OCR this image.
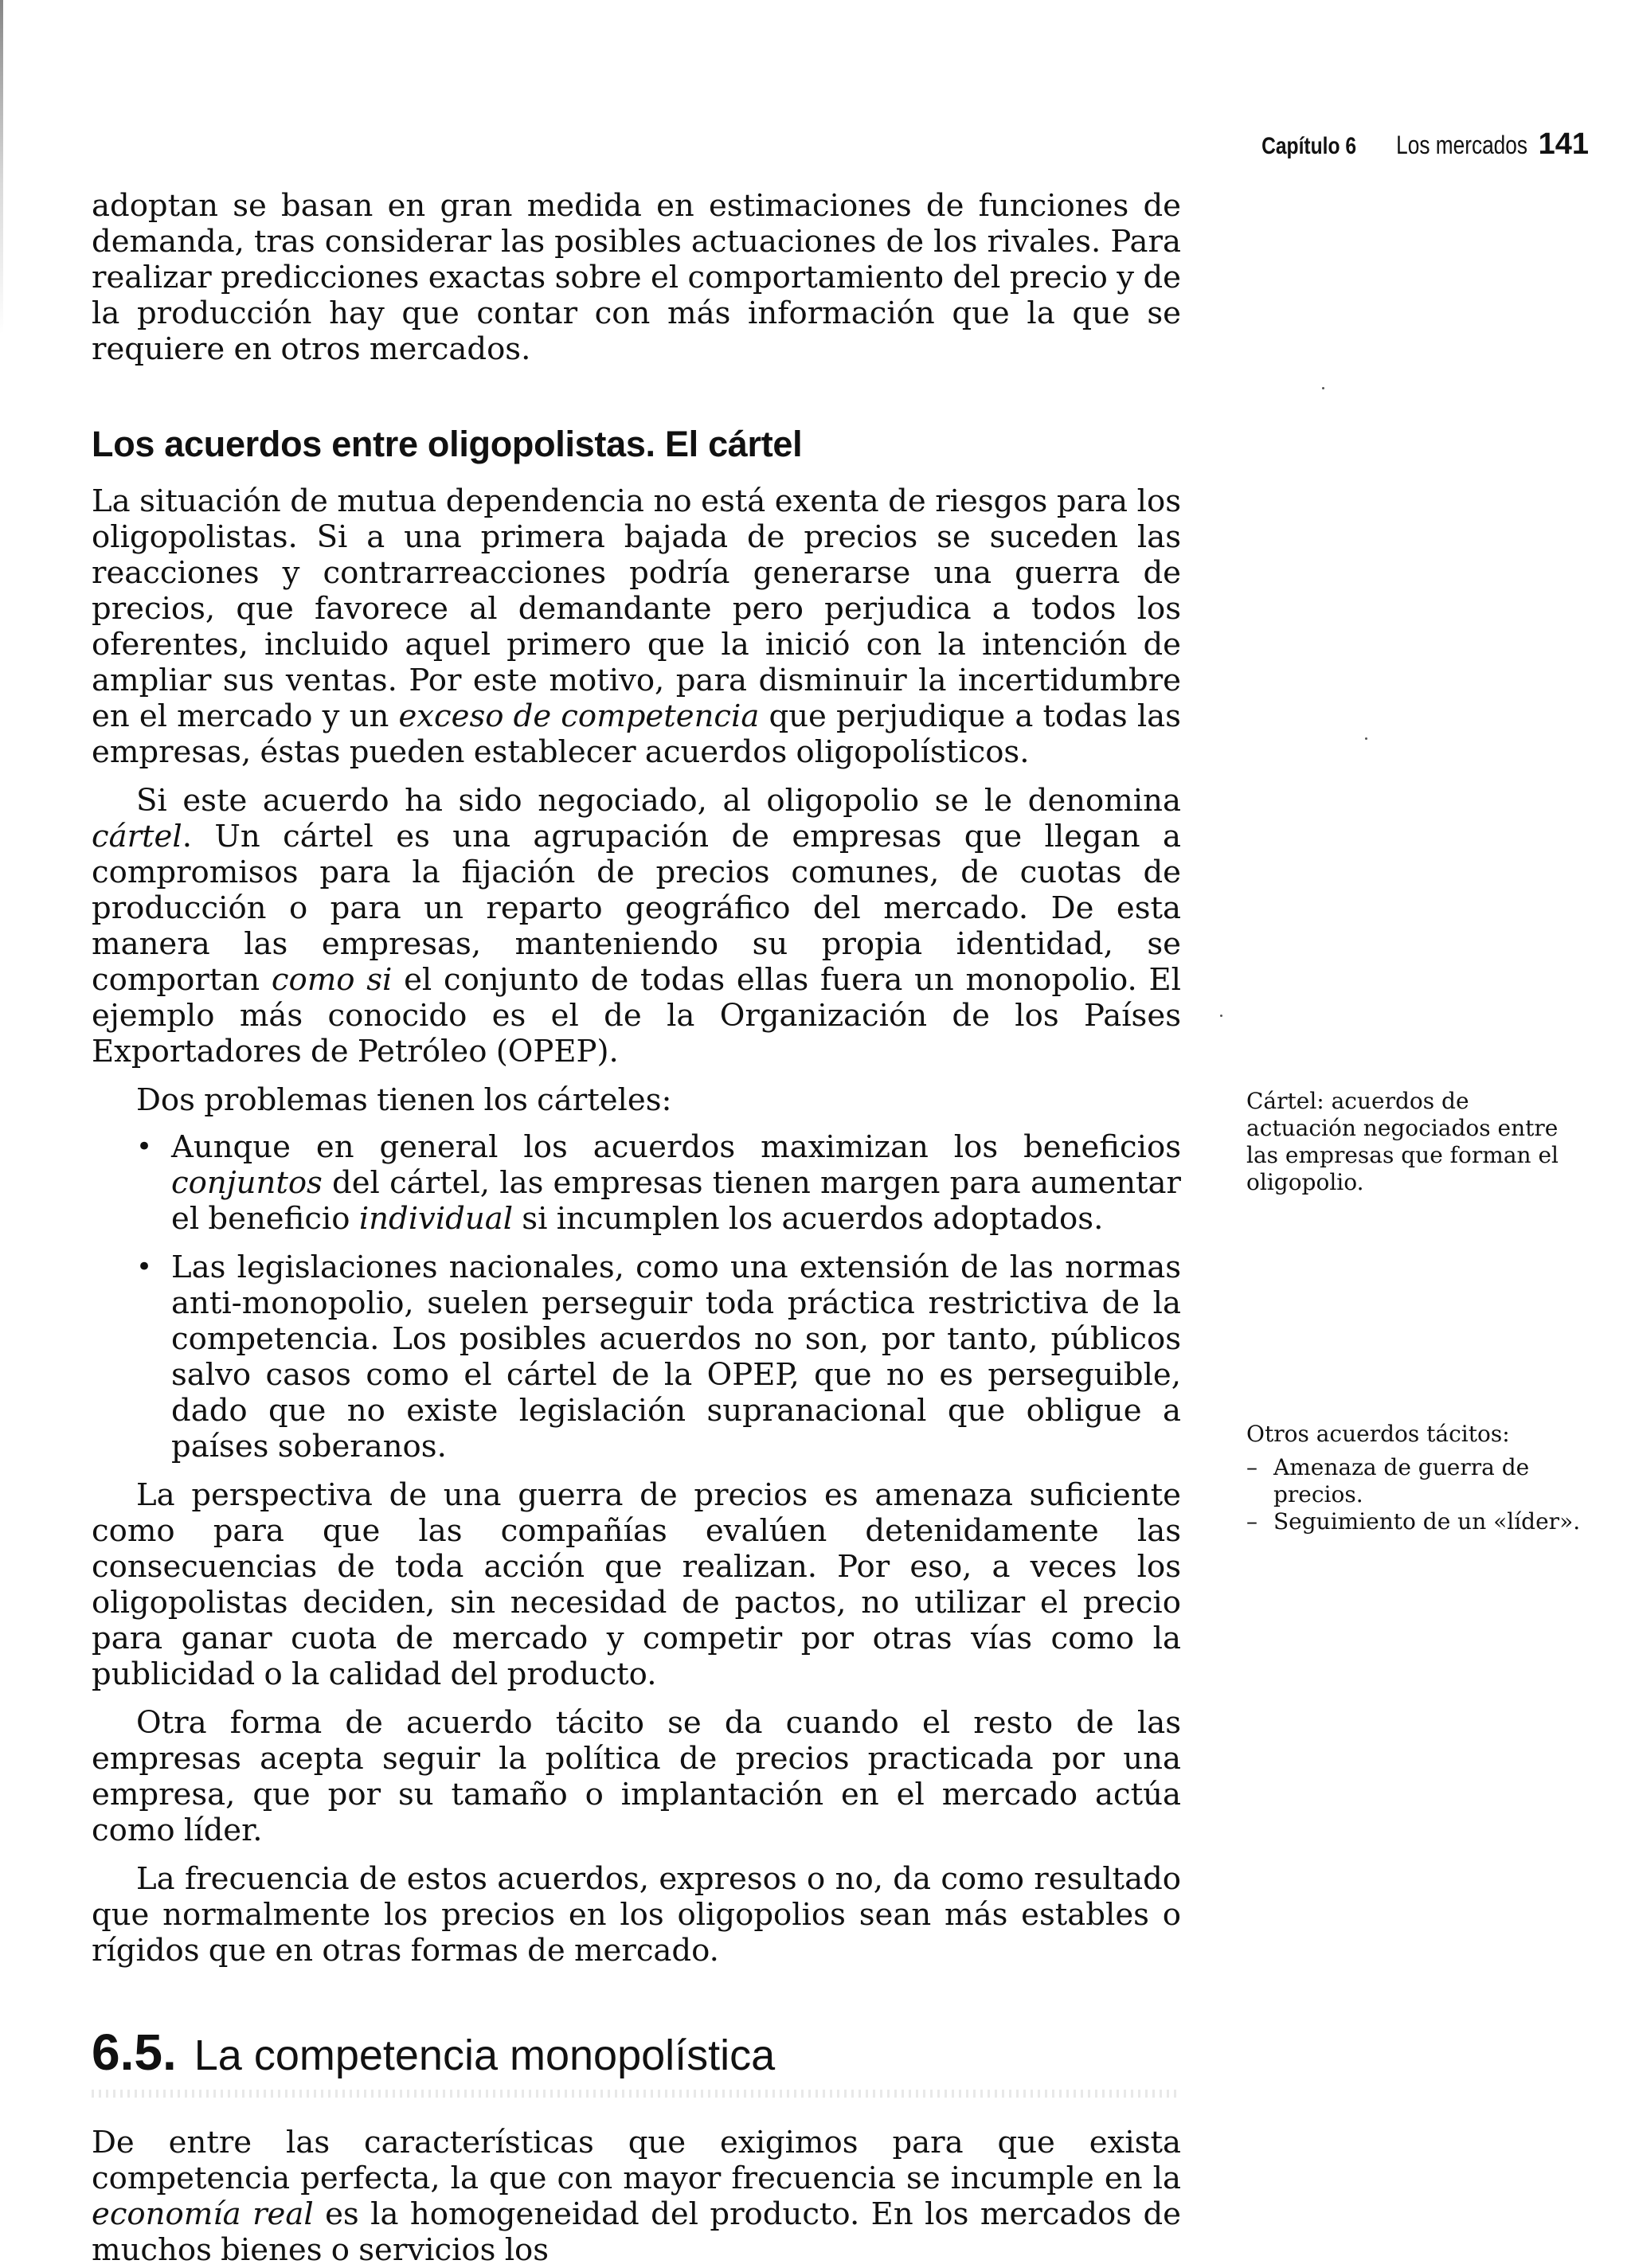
Capítulo 6 Los mercados 141

adoptan se basan en gran medida en estimaciones de funciones de demanda, tras considerar las posibles actuaciones de los rivales. Para realizar predicciones exactas sobre el comportamiento del precio y de la producción hay que contar con más información que la que se requiere en otros mercados.

Los acuerdos entre oligopolistas. El cártel

La situación de mutua dependencia no está exenta de riesgos para los oligopolistas. Si a una primera bajada de precios se suceden las reacciones y contrarreacciones podría generarse una guerra de precios, que favorece al demandante pero perjudica a todos los oferentes, incluido aquel primero que la inició con la intención de ampliar sus ventas. Por este motivo, para disminuir la incertidumbre en el mercado y un exceso de competencia que perjudique a todas las empresas, éstas pueden establecer acuerdos oligopolísticos.

Si este acuerdo ha sido negociado, al oligopolio se le denomina cártel. Un cártel es una agrupación de empresas que llegan a compromisos para la fijación de precios comunes, de cuotas de producción o para un reparto geográfico del mercado. De esta manera las empresas, manteniendo su propia identidad, se comportan como si el conjunto de todas ellas fuera un monopolio. El ejemplo más conocido es el de la Organización de los Países Exportadores de Petróleo (OPEP).

Dos problemas tienen los cárteles:

• Aunque en general los acuerdos maximizan los beneficios conjuntos del cártel, las empresas tienen margen para aumentar el beneficio individual si incumplen los acuerdos adoptados.
• Las legislaciones nacionales, como una extensión de las normas anti-monopolio, suelen perseguir toda práctica restrictiva de la competencia. Los posibles acuerdos no son, por tanto, públicos salvo casos como el cártel de la OPEP, que no es perseguible, dado que no existe legislación supranacional que obligue a países soberanos.

La perspectiva de una guerra de precios es amenaza suficiente como para que las compañías evalúen detenidamente las consecuencias de toda acción que realizan. Por eso, a veces los oligopolistas deciden, sin necesidad de pactos, no utilizar el precio para ganar cuota de mercado y competir por otras vías como la publicidad o la calidad del producto.

Otra forma de acuerdo tácito se da cuando el resto de las empresas acepta seguir la política de precios practicada por una empresa, que por su tamaño o implantación en el mercado actúa como líder.

La frecuencia de estos acuerdos, expresos o no, da como resultado que normalmente los precios en los oligopolios sean más estables o rígidos que en otras formas de mercado.

6.5. La competencia monopolística

De entre las características que exigimos para que exista competencia perfecta, la que con mayor frecuencia se incumple en la economía real es la homogeneidad del producto. En los mercados de muchos bienes o servicios los

Cártel: acuerdos de actuación negociados entre las empresas que forman el oligopolio.
Otros acuerdos tácitos:
– Amenaza de guerra de precios.
– Seguimiento de un «líder».
